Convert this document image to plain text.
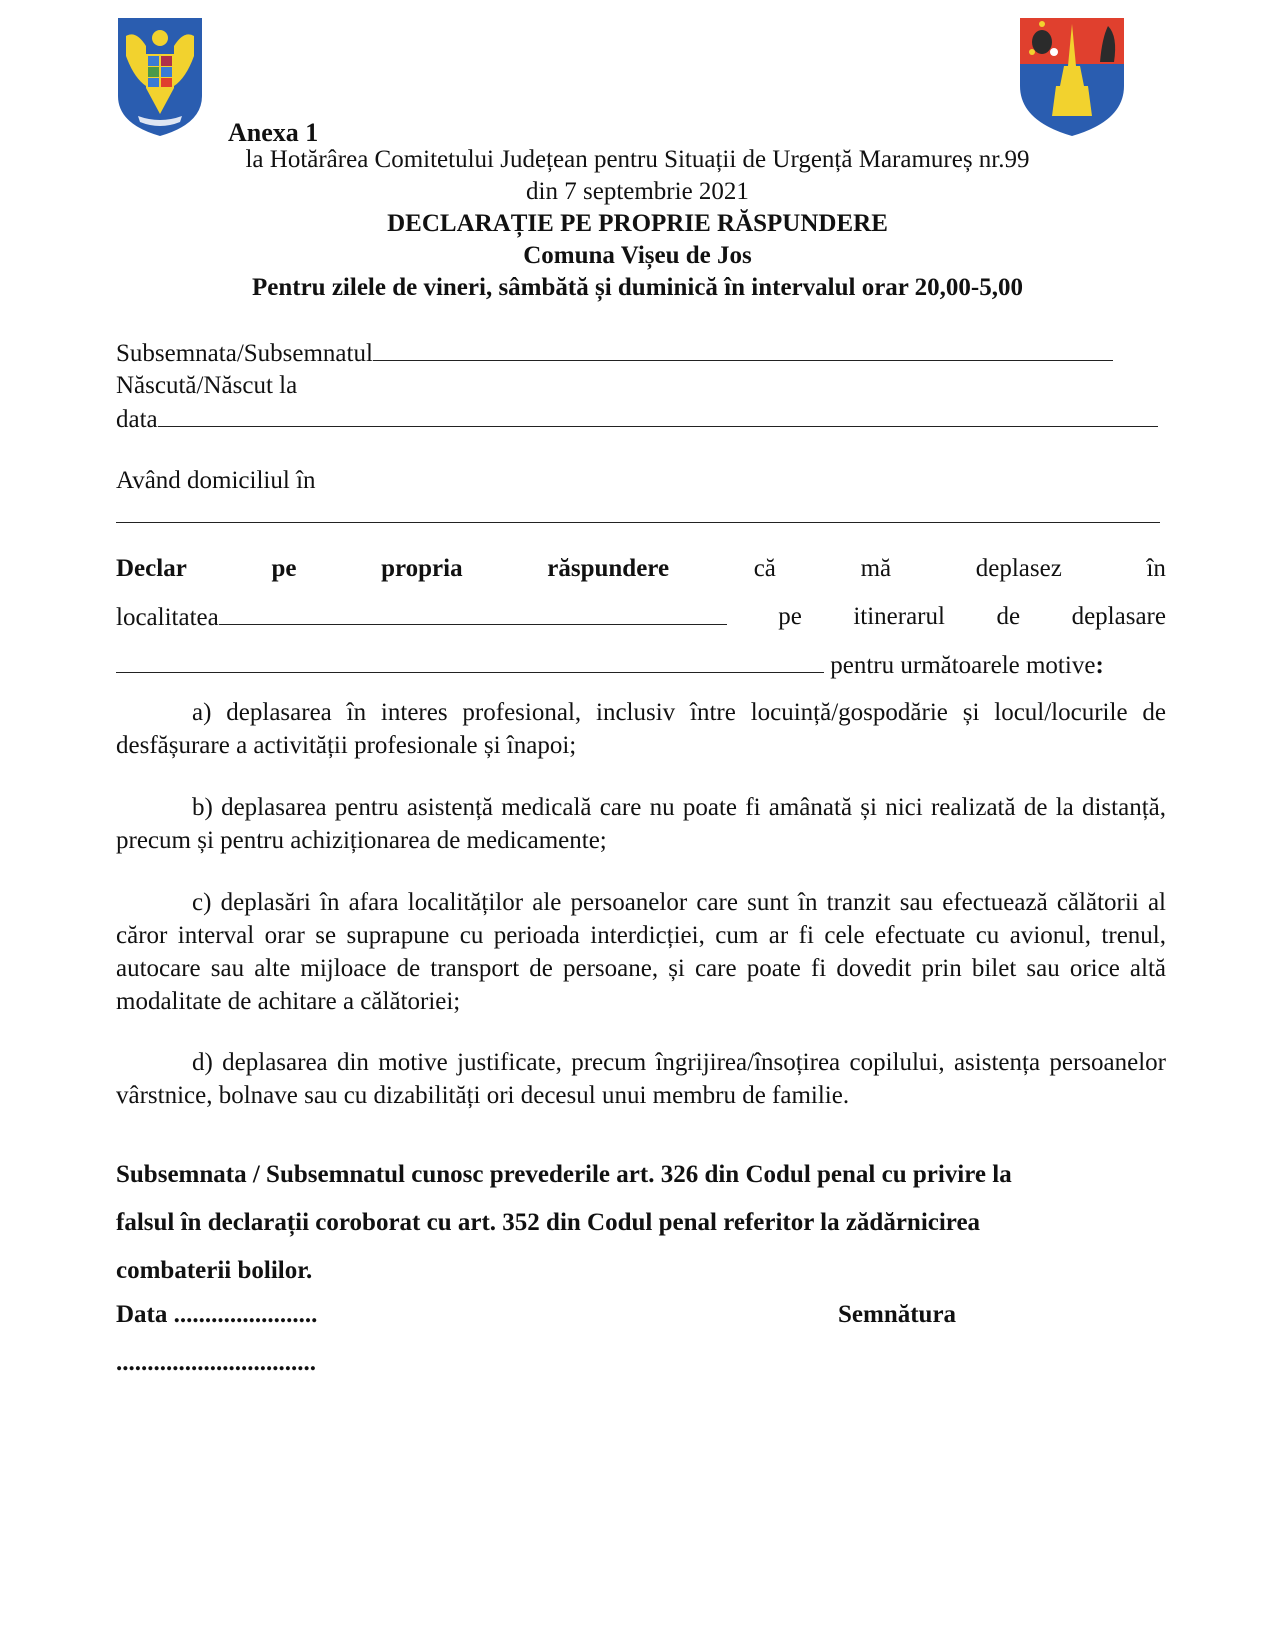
Anexa 1
la Hotărârea Comitetului Județean pentru Situații de Urgență Maramureș nr.99
din 7 septembrie 2021
DECLARAȚIE PE PROPRIE RĂSPUNDERE
Comuna Vișeu de Jos
Pentru zilele de vineri, sâmbătă și duminică în intervalul orar 20,00-5,00
Subsemnata/Subsemnatul
Născută/Născut la
data
Având domiciliul în
Declar	pe	propria	răspundere	că	mă	deplasez	în
localitatea	pe itinerarul de deplasare
pentru următoarele motive:
a) deplasarea în interes profesional, inclusiv între locuință/gospodărie și locul/locurile de desfășurare a activității profesionale și înapoi;
b) deplasarea pentru asistență medicală care nu poate fi amânată și nici realizată de la distanță, precum și pentru achiziționarea de medicamente;
c) deplasări în afara localităților ale persoanelor care sunt în tranzit sau efectuează călătorii al căror interval orar se suprapune cu perioada interdicției, cum ar fi cele efectuate cu avionul, trenul, autocare sau alte mijloace de transport de persoane, și care poate fi dovedit prin bilet sau orice altă modalitate de achitare a călătoriei;
d) deplasarea din motive justificate, precum îngrijirea/însoțirea copilului, asistența persoanelor vârstnice, bolnave sau cu dizabilități ori decesul unui membru de familie.
Subsemnata / Subsemnatul cunosc prevederile art. 326 din Codul penal cu privire la
falsul în declarații coroborat cu art. 352 din Codul penal referitor la zădărnicirea
combaterii bolilor.
Data .......................	Semnătura
................................
